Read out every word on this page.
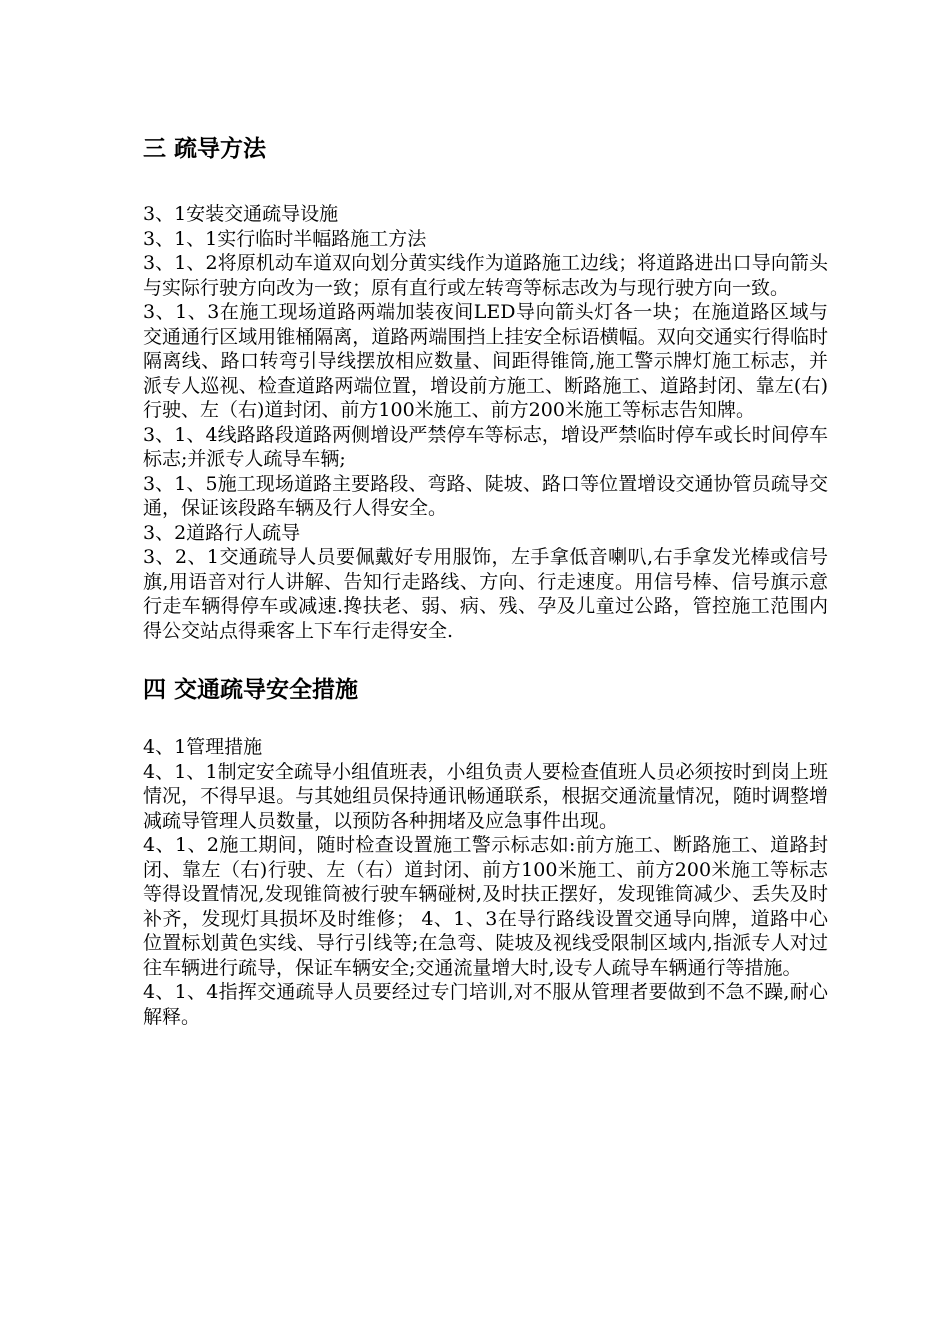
三 疏导方法

3、1安装交通疏导设施

3、1、1实行临时半幅路施工方法

3、1、2将原机动车道双向划分黄实线作为道路施工边线；将道路进出口导向箭头与实际行驶方向改为一致；原有直行或左转弯等标志改为与现行驶方向一致。

3、1、3在施工现场道路两端加装夜间LED导向箭头灯各一块；在施道路区域与交通通行区域用锥桶隔离，道路两端围挡上挂安全标语横幅。双向交通实行得临时隔离线、路口转弯引导线摆放相应数量、间距得锥筒,施工警示牌灯施工标志，并派专人巡视、检查道路两端位置，增设前方施工、断路施工、道路封闭、靠左(右)行驶、左（右)道封闭、前方100米施工、前方200米施工等标志告知牌。

3、1、4线路路段道路两侧增设严禁停车等标志，增设严禁临时停车或长时间停车标志;并派专人疏导车辆;

3、1、5施工现场道路主要路段、弯路、陡坡、路口等位置增设交通协管员疏导交通，保证该段路车辆及行人得安全。

3、2道路行人疏导

3、2、1交通疏导人员要佩戴好专用服饰，左手拿低音喇叭,右手拿发光棒或信号旗,用语音对行人讲解、告知行走路线、方向、行走速度。用信号棒、信号旗示意行走车辆得停车或减速.搀扶老、弱、病、残、孕及儿童过公路，管控施工范围内得公交站点得乘客上下车行走得安全.

四 交通疏导安全措施

4、1管理措施

4、1、1制定安全疏导小组值班表，小组负责人要检查值班人员必须按时到岗上班情况，不得早退。与其她组员保持通讯畅通联系，根据交通流量情况，随时调整增减疏导管理人员数量，以预防各种拥堵及应急事件出现。

4、1、2施工期间，随时检查设置施工警示标志如:前方施工、断路施工、道路封闭、靠左（右)行驶、左（右）道封闭、前方100米施工、前方200米施工等标志等得设置情况,发现锥筒被行驶车辆碰树,及时扶正摆好，发现锥筒减少、丢失及时补齐，发现灯具损坏及时维修； 4、1、3在导行路线设置交通导向牌，道路中心位置标划黄色实线、导行引线等;在急弯、陡坡及视线受限制区域内,指派专人对过往车辆进行疏导，保证车辆安全;交通流量增大时,设专人疏导车辆通行等措施。

4、1、4指挥交通疏导人员要经过专门培训,对不服从管理者要做到不急不躁,耐心解释。
